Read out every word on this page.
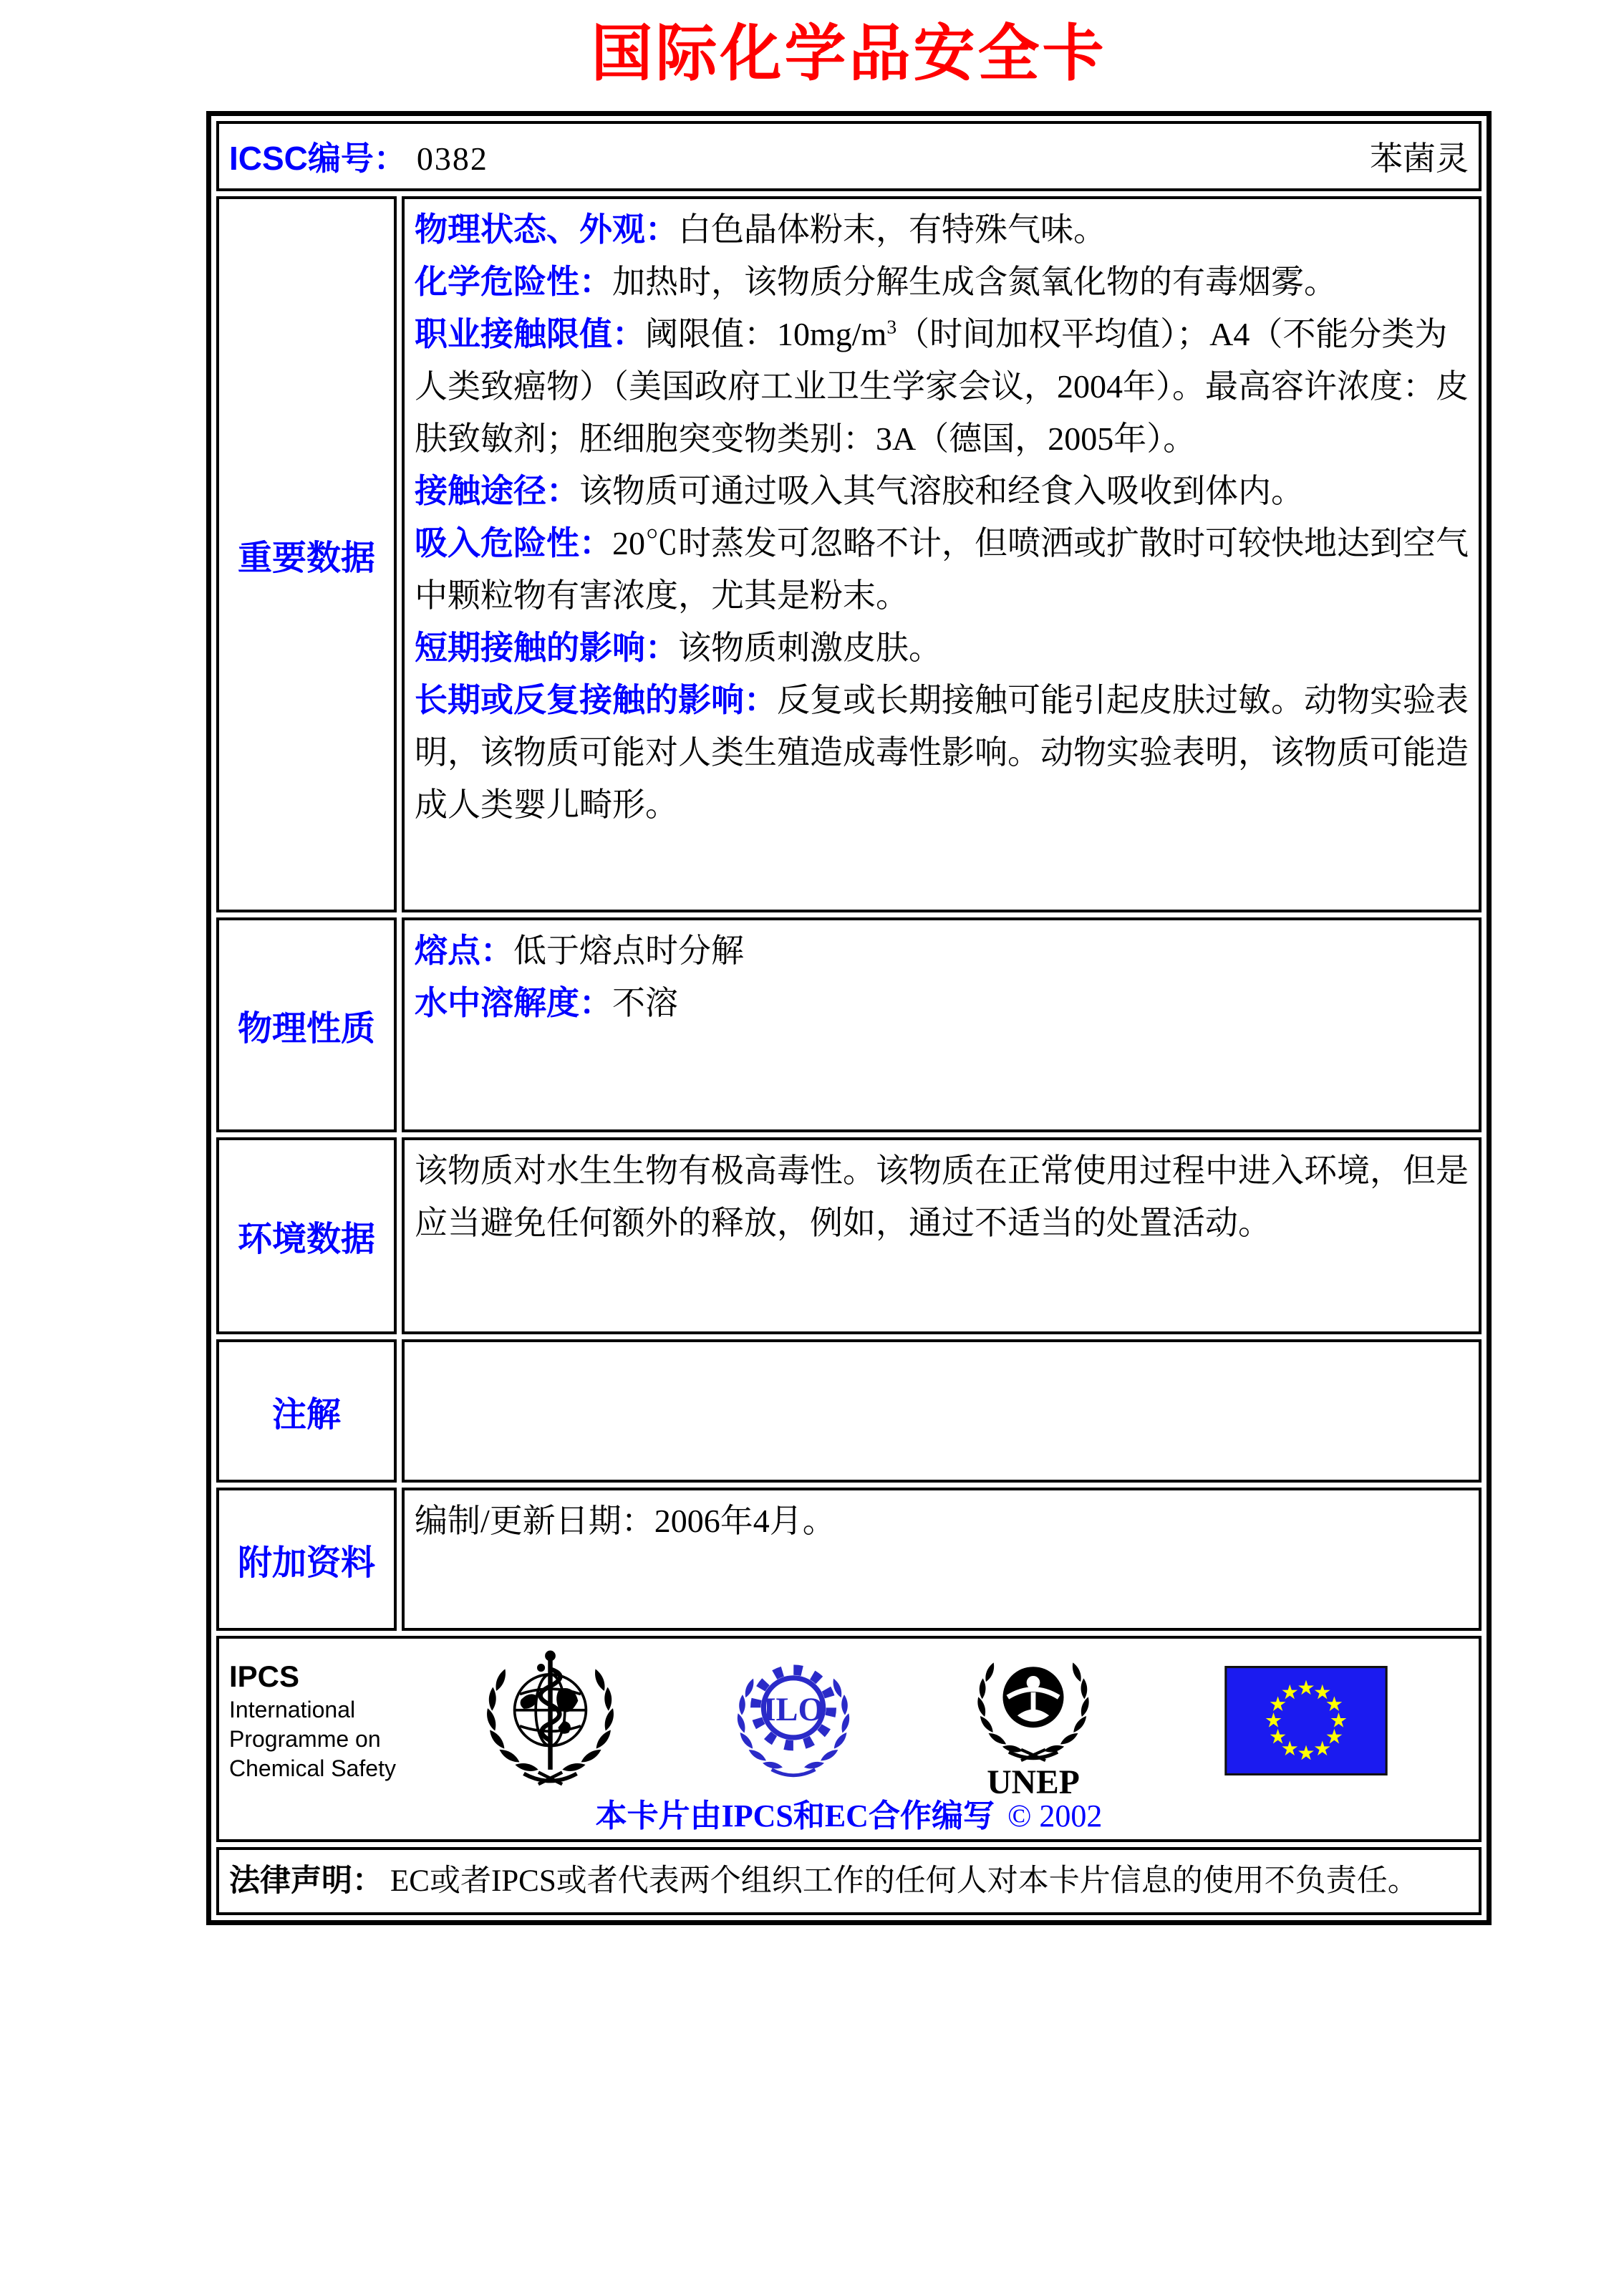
国际化学品安全卡
ICSC编号： 0382 苯菌灵	

重要数据	
物理状态、外观：白色晶体粉末，有特殊气味。
化学危险性：加热时，该物质分解生成含氮氧化物的有毒烟雾。
职业接触限值：阈限值：$10mg/m^3$（时间加权平均值）；A4（不能分类为人类致癌物）（美国政府工业卫生学家会议，2004年）。最高容许浓度：皮肤致敏剂；胚细胞突变物类别：3A（德国，2005年）。
接触途径：该物质可通过吸入其气溶胶和经食入吸收到体内。
吸入危险性：20℃时蒸发可忽略不计，但喷洒或扩散时可较快地达到空气中颗粒物有害浓度，尤其是粉末。
短期接触的影响：该物质刺激皮肤。
长期或反复接触的影响：反复或长期接触可能引起皮肤过敏。动物实验表明，该物质可能对人类生殖造成毒性影响。动物实验表明，该物质可能造成人类婴儿畸形。

物理性质	熔点：低于熔点时分解
水中溶解度：不溶

环境数据	该物质对水生生物有极高毒性。该物质在正常使用过程中进入环境，但是应当避免任何额外的释放，例如，通过不适当的处置活动。

注解	

附加资料	编制/更新日期：2006年4月。

IPCS
International
Programme on
Chemical Safety
ILO
UNEP
本卡片由IPCS和EC合作编写 © 2002

法律声明： EC或者IPCS或者代表两个组织工作的任何人对本卡片信息的使用不负责任。	
